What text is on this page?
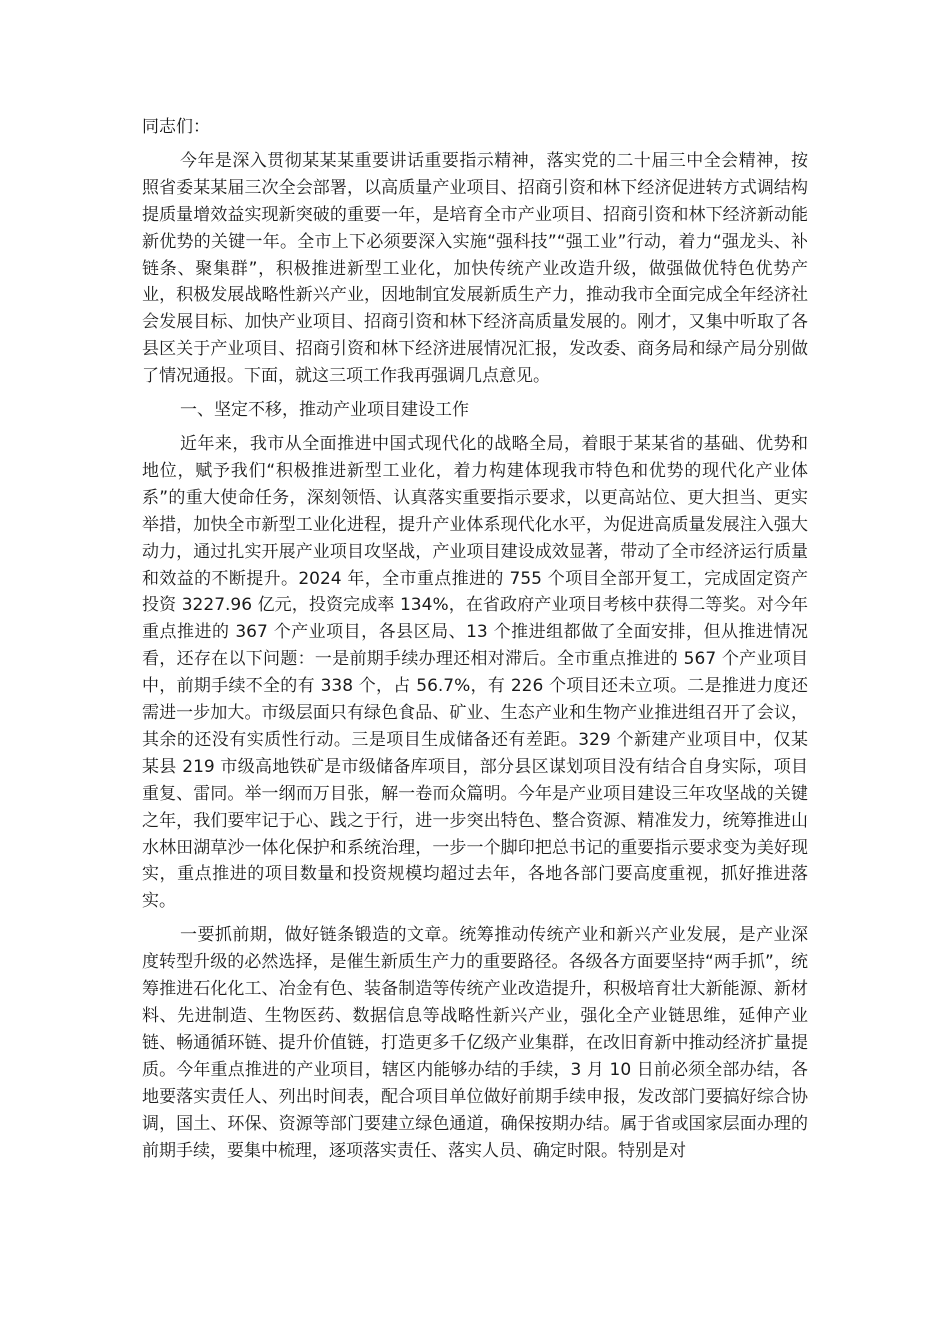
同志们：

今年是深入贯彻某某某重要讲话重要指示精神，落实党的二十届三中全会精神，按照省委某某届三次全会部署，以高质量产业项目、招商引资和林下经济促进转方式调结构提质量增效益实现新突破的重要一年，是培育全市产业项目、招商引资和林下经济新动能新优势的关键一年。全市上下必须要深入实施“强科技”“强工业”行动，着力“强龙头、补链条、聚集群”，积极推进新型工业化，加快传统产业改造升级，做强做优特色优势产业，积极发展战略性新兴产业，因地制宜发展新质生产力，推动我市全面完成全年经济社会发展目标、加快产业项目、招商引资和林下经济高质量发展的。刚才，又集中听取了各县区关于产业项目、招商引资和林下经济进展情况汇报，发改委、商务局和绿产局分别做了情况通报。下面，就这三项工作我再强调几点意见。

一、坚定不移，推动产业项目建设工作

近年来，我市从全面推进中国式现代化的战略全局，着眼于某某省的基础、优势和地位，赋予我们“积极推进新型工业化，着力构建体现我市特色和优势的现代化产业体系”的重大使命任务，深刻领悟、认真落实重要指示要求，以更高站位、更大担当、更实举措，加快全市新型工业化进程，提升产业体系现代化水平，为促进高质量发展注入强大动力，通过扎实开展产业项目攻坚战，产业项目建设成效显著，带动了全市经济运行质量和效益的不断提升。2024 年，全市重点推进的 755 个项目全部开复工，完成固定资产投资 3227.96 亿元，投资完成率 134%，在省政府产业项目考核中获得二等奖。对今年重点推进的 367 个产业项目，各县区局、13 个推进组都做了全面安排，但从推进情况看，还存在以下问题：一是前期手续办理还相对滞后。全市重点推进的 567 个产业项目中，前期手续不全的有 338 个，占 56.7%，有 226 个项目还未立项。二是推进力度还需进一步加大。市级层面只有绿色食品、矿业、生态产业和生物产业推进组召开了会议，其余的还没有实质性行动。三是项目生成储备还有差距。329 个新建产业项目中，仅某某县 219 市级高地铁矿是市级储备库项目，部分县区谋划项目没有结合自身实际，项目重复、雷同。举一纲而万目张，解一卷而众篇明。今年是产业项目建设三年攻坚战的关键之年，我们要牢记于心、践之于行，进一步突出特色、整合资源、精准发力，统筹推进山水林田湖草沙一体化保护和系统治理，一步一个脚印把总书记的重要指示要求变为美好现实，重点推进的项目数量和投资规模均超过去年，各地各部门要高度重视，抓好推进落实。

一要抓前期，做好链条锻造的文章。统筹推动传统产业和新兴产业发展，是产业深度转型升级的必然选择，是催生新质生产力的重要路径。各级各方面要坚持“两手抓”，统筹推进石化化工、冶金有色、装备制造等传统产业改造提升，积极培育壮大新能源、新材料、先进制造、生物医药、数据信息等战略性新兴产业，强化全产业链思维，延伸产业链、畅通循环链、提升价值链，打造更多千亿级产业集群，在改旧育新中推动经济扩量提质。今年重点推进的产业项目，辖区内能够办结的手续，3 月 10 日前必须全部办结，各地要落实责任人、列出时间表，配合项目单位做好前期手续申报，发改部门要搞好综合协调，国土、环保、资源等部门要建立绿色通道，确保按期办结。属于省或国家层面办理的前期手续，要集中梳理，逐项落实责任、落实人员、确定时限。特别是对
